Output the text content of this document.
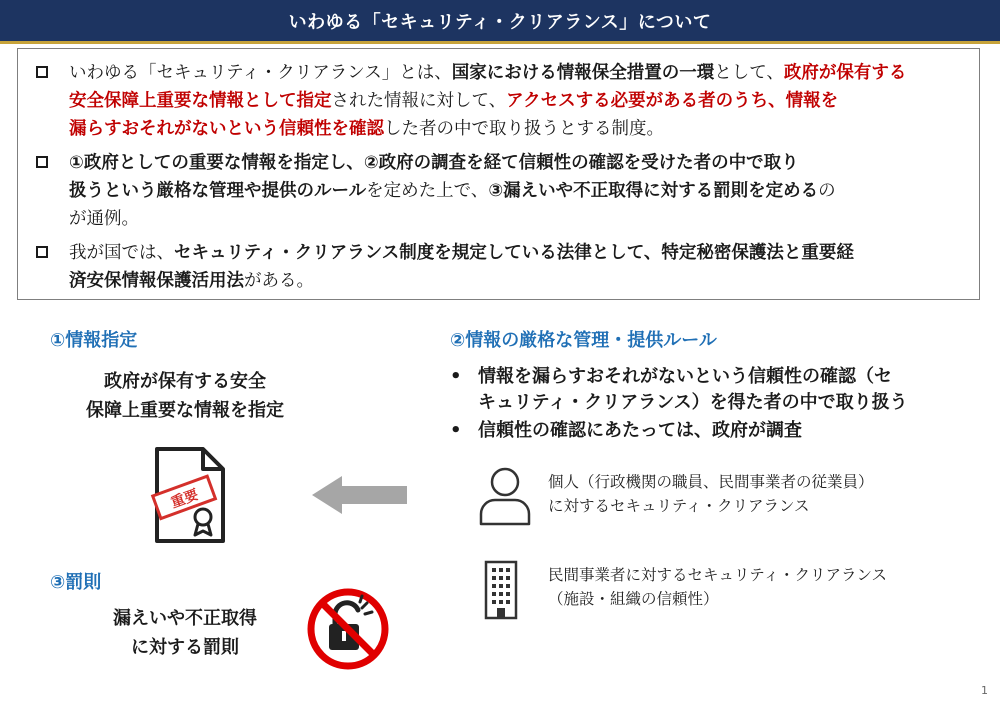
いわゆる「セキュリティ・クリアランス」について
いわゆる「セキュリティ・クリアランス」とは、国家における情報保全措置の一環として、政府が保有する
安全保障上重要な情報として指定された情報に対して、アクセスする必要がある者のうち、情報を
漏らすおそれがないという信頼性を確認した者の中で取り扱うとする制度。
①政府としての重要な情報を指定し、②政府の調査を経て信頼性の確認を受けた者の中で取り
扱うという厳格な管理や提供のルールを定めた上で、③漏えいや不正取得に対する罰則を定めるの
が通例。
我が国では、セキュリティ・クリアランス制度を規定している法律として、特定秘密保護法と重要経
済安保情報保護活用法がある。
①情報指定
政府が保有する安全
保障上重要な情報を指定
重要
③罰則
漏えいや不正取得
に対する罰則
②情報の厳格な管理・提供ルール
• 情報を漏らすおそれがないという信頼性の確認（セ
キュリティ・クリアランス）を得た者の中で取り扱う
• 信頼性の確認にあたっては、政府が調査
個人（行政機関の職員、民間事業者の従業員）
に対するセキュリティ・クリアランス
民間事業者に対するセキュリティ・クリアランス
（施設・組織の信頼性）
1
